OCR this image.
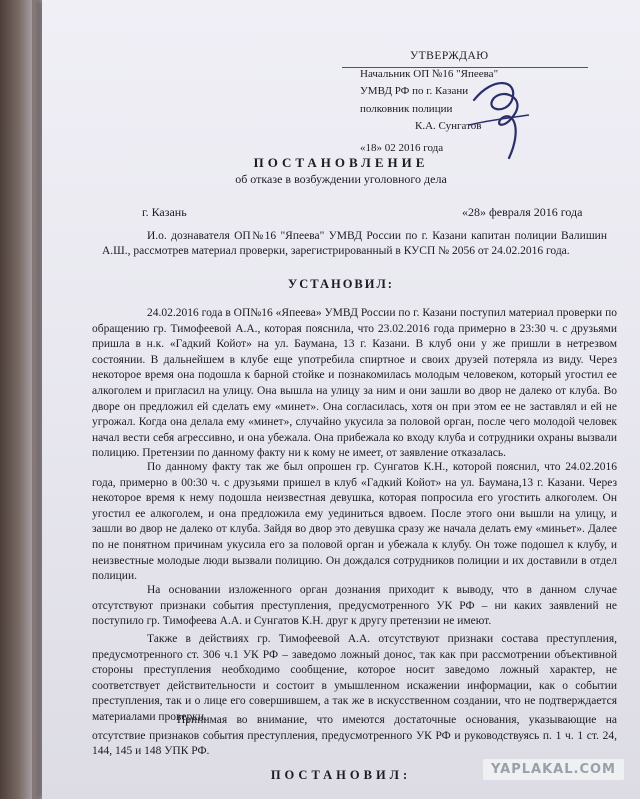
УТВЕРЖДАЮ
Начальник ОП №16 "Япеева"
УМВД РФ по г. Казани
полковник полиции
К.А. Сунгатов
«18» 02 2016 года
ПОСТАНОВЛЕНИЕ
об отказе в возбуждении уголовного дела
г. Казань	«28» февраля 2016 года
И.о. дознавателя ОП№16 "Япеева" УМВД России по г. Казани капитан полиции Валишин А.Ш., рассмотрев материал проверки, зарегистрированный в КУСП № 2056 от 24.02.2016 года.
УСТАНОВИЛ:
24.02.2016 года в ОП№16 «Япеева» УМВД России по г. Казани поступил материал проверки по обращению гр. Тимофеевой А.А., которая пояснила, что 23.02.2016 года примерно в 23:30 ч. с друзьями пришла в н.к. «Гадкий Койот» на ул. Баумана, 13 г. Казани. В клуб они у же пришли в нетрезвом состоянии. В дальнейшем в клубе еще употребила спиртное и своих друзей потеряла из виду. Через некоторое время она подошла к барной стойке и познакомилась молодым человеком, который угостил ее алкоголем и пригласил на улицу. Она вышла на улицу за ним и они зашли во двор не далеко от клуба. Во дворе он предложил ей сделать ему «минет». Она согласилась, хотя он при этом ее не заставлял и ей не угрожал. Когда она делала ему «минет», случайно укусила за половой орган, после чего молодой человек начал вести себя агрессивно, и она убежала. Она прибежала ко входу клуба и сотрудники охраны вызвали полицию. Претензии по данному факту ни к кому не имеет, от заявление отказалась.
По данному факту так же был опрошен гр. Сунгатов К.Н., которой пояснил, что 24.02.2016 года, примерно в 00:30 ч. с друзьями пришел в клуб «Гадкий Койот» на ул. Баумана,13 г. Казани. Через некоторое время к нему подошла неизвестная девушка, которая попросила его угостить алкоголем. Он угостил ее алкоголем, и она предложила ему уединиться вдвоем. После этого они вышли на улицу, и зашли во двор не далеко от клуба. Зайдя во двор это девушка сразу же начала делать ему «миньет». Далее по не понятном причинам укусила его за половой орган и убежала к клубу. Он тоже подошел к клубу, и неизвестные молодые люди вызвали полицию. Он дождался сотрудников полиции и их доставили в отдел полиции.
На основании изложенного орган дознания приходит к выводу, что в данном случае отсутствуют признаки события преступления, предусмотренного УК РФ – ни каких заявлений не поступило гр. Тимофеева А.А. и Сунгатов К.Н. друг к другу претензии не имеют.
Также в действиях гр. Тимофеевой А.А. отсутствуют признаки состава преступления, предусмотренного ст. 306 ч.1 УК РФ – заведомо ложный донос, так как при рассмотрении объективной стороны преступления необходимо сообщение, которое носит заведомо ложный характер, не соответствует действительности и состоит в умышленном искажении информации, как о событии преступления, так и о лице его совершившем, а так же в искусственном создании, что не подтверждается материалами проверки.
Принимая во внимание, что имеются достаточные основания, указывающие на отсутствие признаков события преступления, предусмотренного УК РФ и руководствуясь п. 1 ч. 1 ст. 24, 144, 145 и 148 УПК РФ.
ПОСТАНОВИЛ:	YAPLAKAL.COM
